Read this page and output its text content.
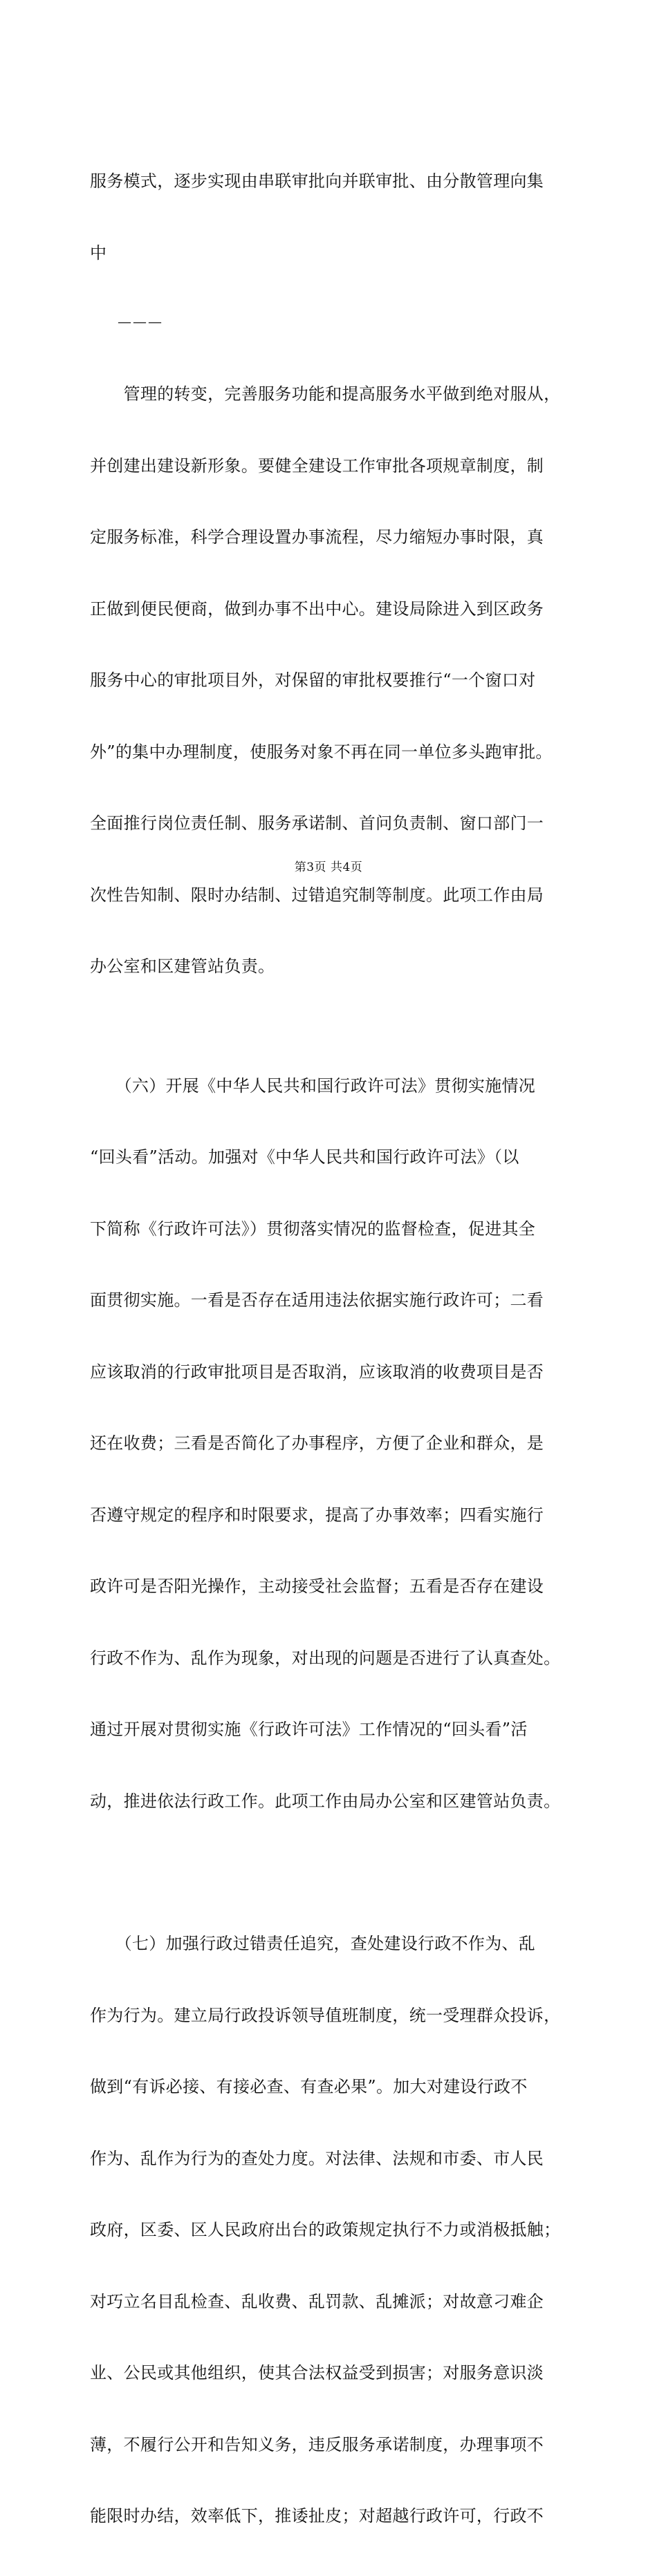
服务模式，逐步实现由串联审批向并联审批、由分散管理向集

中

———

　　管理的转变，完善服务功能和提高服务水平做到绝对服从，

并创建出建设新形象。要健全建设工作审批各项规章制度，制

定服务标准，科学合理设置办事流程，尽力缩短办事时限，真

正做到便民便商，做到办事不出中心。建设局除进入到区政务

服务中心的审批项目外，对保留的审批权要推行“一个窗口对

外”的集中办理制度，使服务对象不再在同一单位多头跑审批。

全面推行岗位责任制、服务承诺制、首问负责制、窗口部门一

次性告知制、限时办结制、过错追究制等制度。此项工作由局

办公室和区建管站负责。

　　（六）开展《中华人民共和国行政许可法》贯彻实施情况

“回头看”活动。加强对《中华人民共和国行政许可法》（以

下简称《行政许可法》）贯彻落实情况的监督检查，促进其全

面贯彻实施。一看是否存在适用违法依据实施行政许可；二看

应该取消的行政审批项目是否取消，应该取消的收费项目是否

还在收费；三看是否简化了办事程序，方便了企业和群众，是

否遵守规定的程序和时限要求，提高了办事效率；四看实施行

政许可是否阳光操作，主动接受社会监督；五看是否存在建设

行政不作为、乱作为现象，对出现的问题是否进行了认真查处。

通过开展对贯彻实施《行政许可法》工作情况的“回头看”活

动，推进依法行政工作。此项工作由局办公室和区建管站负责。

　　（七）加强行政过错责任追究，查处建设行政不作为、乱

作为行为。建立局行政投诉领导值班制度，统一受理群众投诉，

做到“有诉必接、有接必查、有查必果”。加大对建设行政不

作为、乱作为行为的查处力度。对法律、法规和市委、市人民

政府，区委、区人民政府出台的政策规定执行不力或消极抵触；

对巧立名目乱检查、乱收费、乱罚款、乱摊派；对故意刁难企

业、公民或其他组织，使其合法权益受到损害；对服务意识淡

薄，不履行公开和告知义务，违反服务承诺制度，办理事项不

能限时办结，效率低下，推诿扯皮；对超越行政许可，行政不

第3页 共4页
